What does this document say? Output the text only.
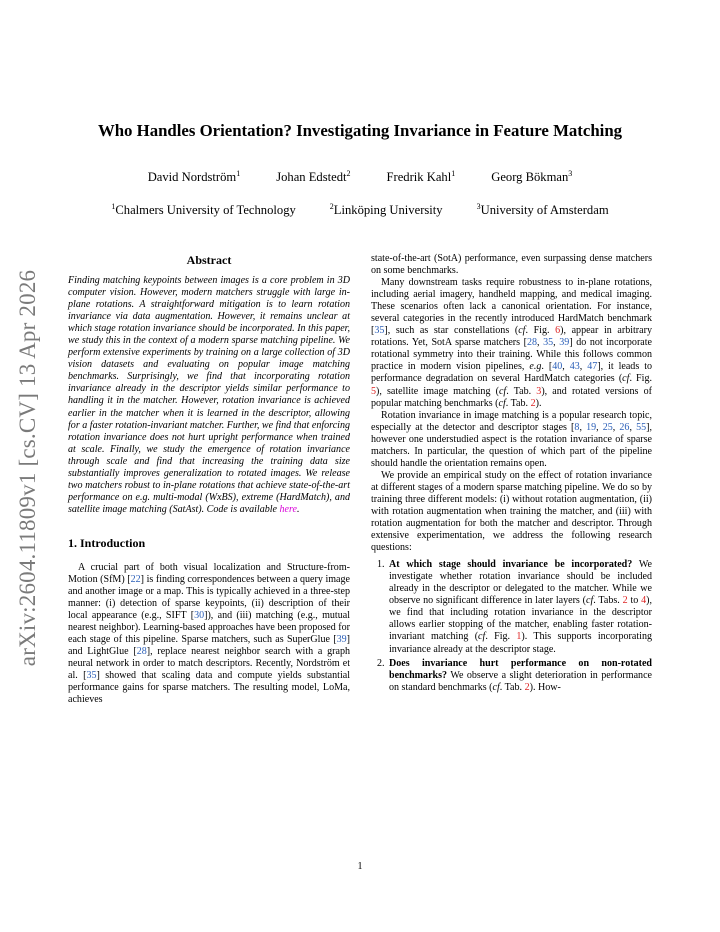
arXiv:2604.11809v1 [cs.CV] 13 Apr 2026
Who Handles Orientation? Investigating Invariance in Feature Matching
David Nordström$^1$	Johan Edstedt$^2$	Fredrik Kahl$^1$	Georg Bökman$^3$
$^1$Chalmers University of Technology	$^2$Linköping University	$^3$University of Amsterdam
Abstract

Finding matching keypoints between images is a core problem in 3D computer vision. However, modern matchers struggle with large in-plane rotations. A straightforward mitigation is to learn rotation invariance via data augmentation. However, it remains unclear at which stage rotation invariance should be incorporated. In this paper, we study this in the context of a modern sparse matching pipeline. We perform extensive experiments by training on a large collection of 3D vision datasets and evaluating on popular image matching benchmarks. Surprisingly, we find that incorporating rotation invariance already in the descriptor yields similar performance to handling it in the matcher. However, rotation invariance is achieved earlier in the matcher when it is learned in the descriptor, allowing for a faster rotation-invariant matcher. Further, we find that enforcing rotation invariance does not hurt upright performance when trained at scale. Finally, we study the emergence of rotation invariance through scale and find that increasing the training data size substantially improves generalization to rotated images. We release two matchers robust to in-plane rotations that achieve state-of-the-art performance on e.g. multi-modal (WxBS), extreme (HardMatch), and satellite image matching (SatAst). Code is available here.

1. Introduction

A crucial part of both visual localization and Structure-from-Motion (SfM) [22] is finding correspondences between a query image and another image or a map. This is typically achieved in a three-step manner: (i) detection of sparse keypoints, (ii) description of their local appearance (e.g., SIFT [30]), and (iii) matching (e.g., mutual nearest neighbor). Learning-based approaches have been proposed for each stage of this pipeline. Sparse matchers, such as SuperGlue [39] and LightGlue [28], replace nearest neighbor search with a graph neural network in order to match descriptors. Recently, Nordström et al. [35] showed that scaling data and compute yields substantial performance gains for sparse matchers. The resulting model, LoMa, achieves

state-of-the-art (SotA) performance, even surpassing dense matchers on some benchmarks.

Many downstream tasks require robustness to in-plane rotations, including aerial imagery, handheld mapping, and medical imaging. These scenarios often lack a canonical orientation. For instance, several categories in the recently introduced HardMatch benchmark [35], such as star constellations (cf. Fig. 6), appear in arbitrary rotations. Yet, SotA sparse matchers [28, 35, 39] do not incorporate rotational symmetry into their training. While this follows common practice in modern vision pipelines, e.g. [40, 43, 47], it leads to performance degradation on several HardMatch categories (cf. Fig. 5), satellite image matching (cf. Tab. 3), and rotated versions of popular matching benchmarks (cf. Tab. 2).

Rotation invariance in image matching is a popular research topic, especially at the detector and descriptor stages [8, 19, 25, 26, 55], however one understudied aspect is the rotation invariance of sparse matchers. In particular, the question of which part of the pipeline should handle the orientation remains open.

We provide an empirical study on the effect of rotation invariance at different stages of a modern sparse matching pipeline. We do so by training three different models: (i) without rotation augmentation, (ii) with rotation augmentation when training the matcher, and (iii) with rotation augmentation for both the matcher and descriptor. Through extensive experimentation, we address the following research questions:

1. At which stage should invariance be incorporated? We investigate whether rotation invariance should be included already in the descriptor or delegated to the matcher. While we observe no significant difference in later layers (cf. Tabs. 2 to 4), we find that including rotation invariance in the descriptor allows earlier stopping of the matcher, enabling faster rotation-invariant matching (cf. Fig. 1). This supports incorporating invariance already at the descriptor stage.
2. Does invariance hurt performance on non-rotated benchmarks? We observe a slight deterioration in performance on standard benchmarks (cf. Tab. 2). How-
1
